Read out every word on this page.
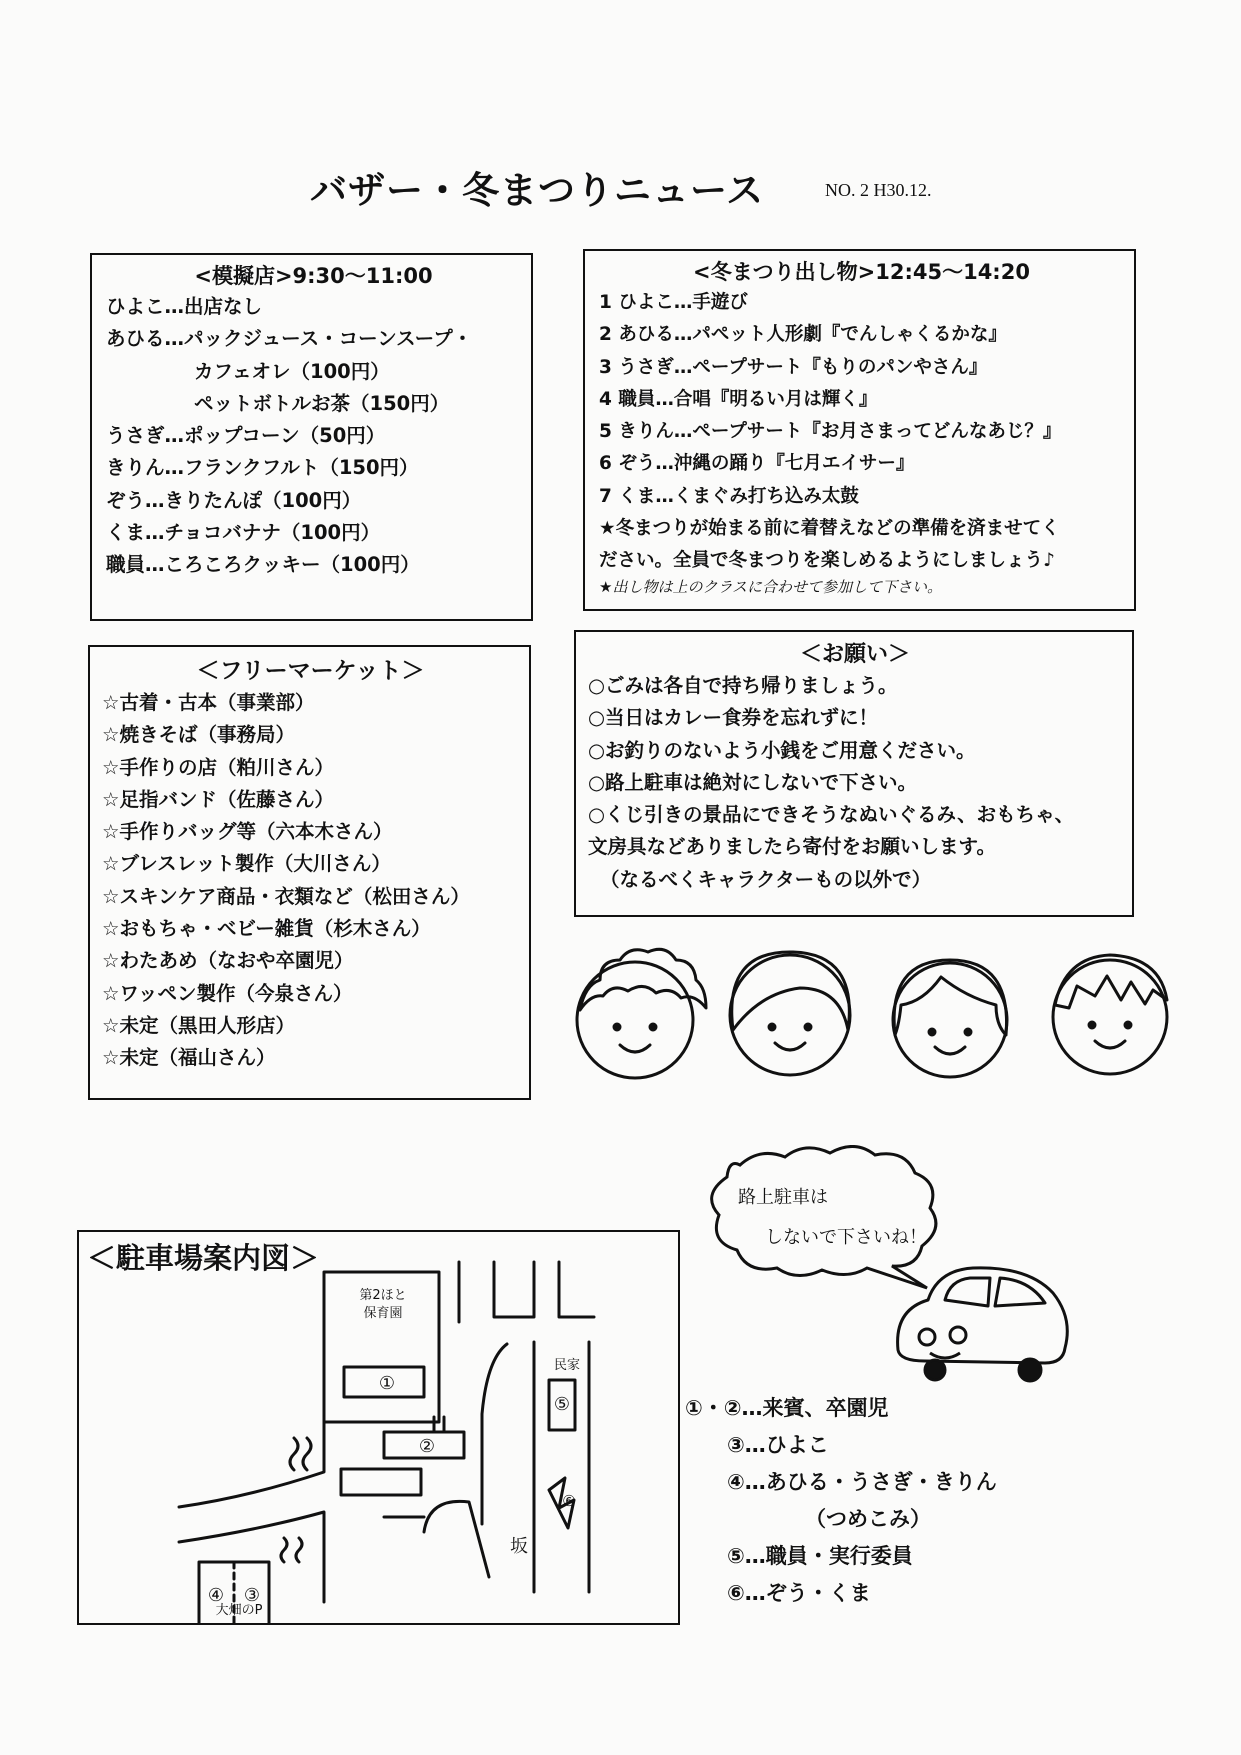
バザー・冬まつりニュース	NO. 2 H30.12.
<模擬店>9:30～11:00
ひよこ…出店なし
あひる…パックジュース・コーンスープ・
カフェオレ（100円）
ペットボトルお茶（150円）
うさぎ…ポップコーン（50円）
きりん…フランクフルト（150円）
ぞう…きりたんぽ（100円）
くま…チョコバナナ（100円）
職員…ころころクッキー（100円）
<冬まつり出し物>12:45～14:20
1 ひよこ…手遊び
2 あひる…パペット人形劇『でんしゃくるかな』
3 うさぎ…ペープサート『もりのパンやさん』
4 職員…合唱『明るい月は輝く』
5 きりん…ペープサート『お月さまってどんなあじ？』
6 ぞう…沖縄の踊り『七月エイサー』
7 くま…くまぐみ打ち込み太鼓
★冬まつりが始まる前に着替えなどの準備を済ませてく
ださい。全員で冬まつりを楽しめるようにしましょう♪
★出し物は上のクラスに合わせて参加して下さい。
＜フリーマーケット＞
☆古着・古本（事業部）
☆焼きそば（事務局）
☆手作りの店（粕川さん）
☆足指バンド（佐藤さん）
☆手作りバッグ等（六本木さん）
☆ブレスレット製作（大川さん）
☆スキンケア商品・衣類など（松田さん）
☆おもちゃ・ベビー雑貨（杉木さん）
☆わたあめ（なおや卒園児）
☆ワッペン製作（今泉さん）
☆未定（黒田人形店）
☆未定（福山さん）
＜お願い＞
○ごみは各自で持ち帰りましょう。
○当日はカレー食券を忘れずに！
○お釣りのないよう小銭をご用意ください。
○路上駐車は絶対にしないで下さい。
○くじ引きの景品にできそうなぬいぐるみ、おもちゃ、
文房具などありましたら寄付をお願いします。
（なるべくキャラクターもの以外で）
路上駐車は
しないで下さいね！
＜駐車場案内図＞
第2ほと
保育園
①
②
③
④
⑤
⑥
民家
坂
大畑のP
①・②…来賓、卒園児
③…ひよこ
④…あひる・うさぎ・きりん
（つめこみ）
⑤…職員・実行委員
⑥…ぞう・くま
